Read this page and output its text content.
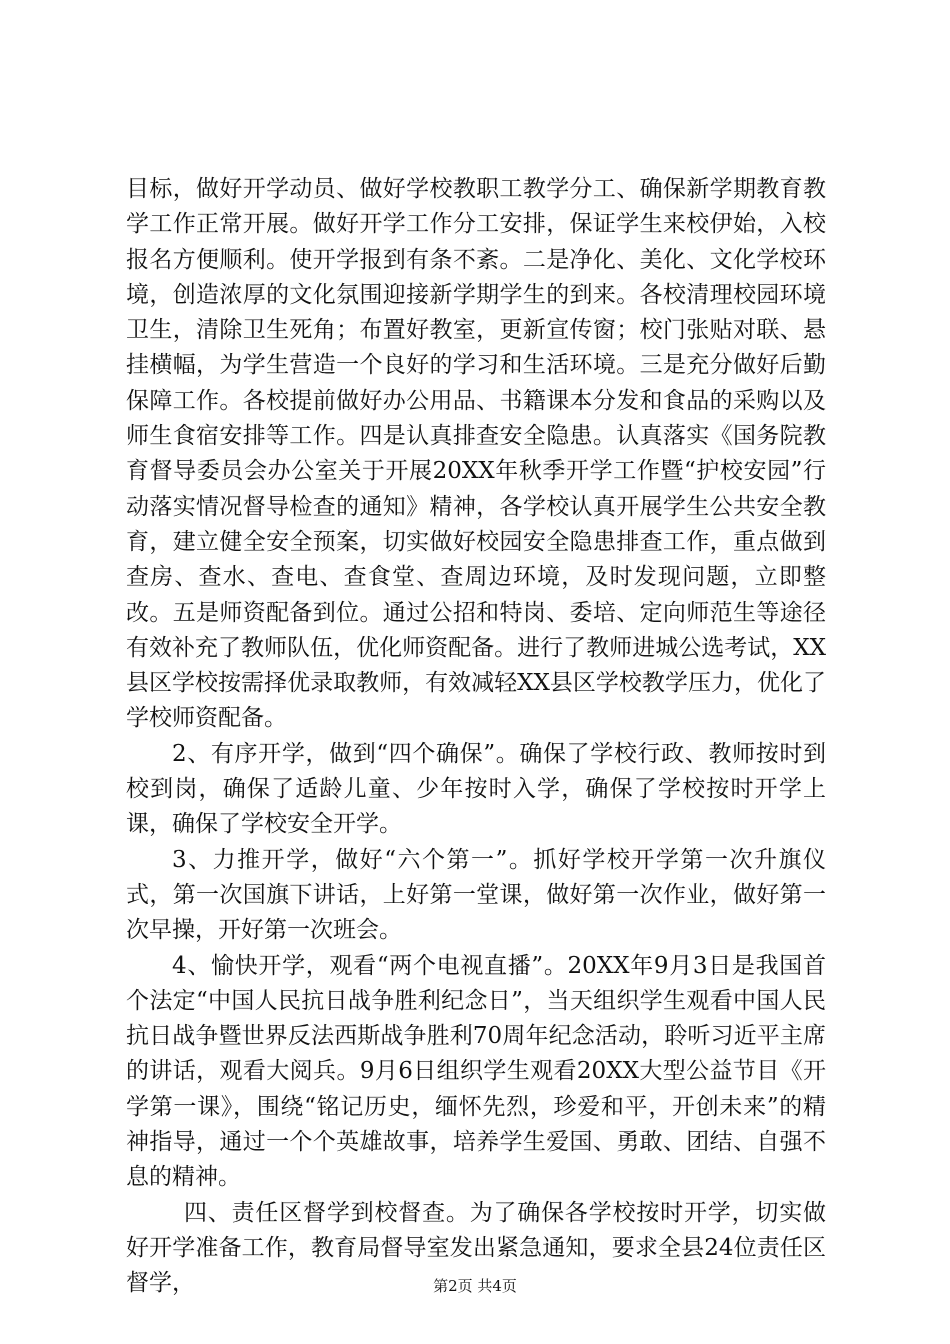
目标，做好开学动员、做好学校教职工教学分工、确保新学期教育教学工作正常开展。做好开学工作分工安排，保证学生来校伊始，入校报名方便顺利。使开学报到有条不紊。二是净化、美化、文化学校环境，创造浓厚的文化氛围迎接新学期学生的到来。各校清理校园环境卫生，清除卫生死角；布置好教室，更新宣传窗；校门张贴对联、悬挂横幅，为学生营造一个良好的学习和生活环境。三是充分做好后勤保障工作。各校提前做好办公用品、书籍课本分发和食品的采购以及师生食宿安排等工作。四是认真排查安全隐患。认真落实《国务院教育督导委员会办公室关于开展20XX年秋季开学工作暨“护校安园”行动落实情况督导检查的通知》精神，各学校认真开展学生公共安全教育，建立健全安全预案，切实做好校园安全隐患排查工作，重点做到查房、查水、查电、查食堂、查周边环境，及时发现问题，立即整改。五是师资配备到位。通过公招和特岗、委培、定向师范生等途径有效补充了教师队伍，优化师资配备。进行了教师进城公选考试，XX县区学校按需择优录取教师，有效减轻XX县区学校教学压力，优化了学校师资配备。

2、有序开学，做到“四个确保”。确保了学校行政、教师按时到校到岗，确保了适龄儿童、少年按时入学，确保了学校按时开学上课，确保了学校安全开学。

3、力推开学，做好“六个第一”。抓好学校开学第一次升旗仪式，第一次国旗下讲话，上好第一堂课，做好第一次作业，做好第一次早操，开好第一次班会。

4、愉快开学，观看“两个电视直播”。20XX年9月3日是我国首个法定“中国人民抗日战争胜利纪念日”，当天组织学生观看中国人民抗日战争暨世界反法西斯战争胜利70周年纪念活动，聆听习近平主席的讲话，观看大阅兵。9月6日组织学生观看20XX大型公益节目《开学第一课》，围绕“铭记历史，缅怀先烈，珍爱和平，开创未来”的精神指导，通过一个个英雄故事，培养学生爱国、勇敢、团结、自强不息的精神。

四、责任区督学到校督查。为了确保各学校按时开学，切实做好开学准备工作，教育局督导室发出紧急通知，要求全县24位责任区督学，	第2页 共4页
